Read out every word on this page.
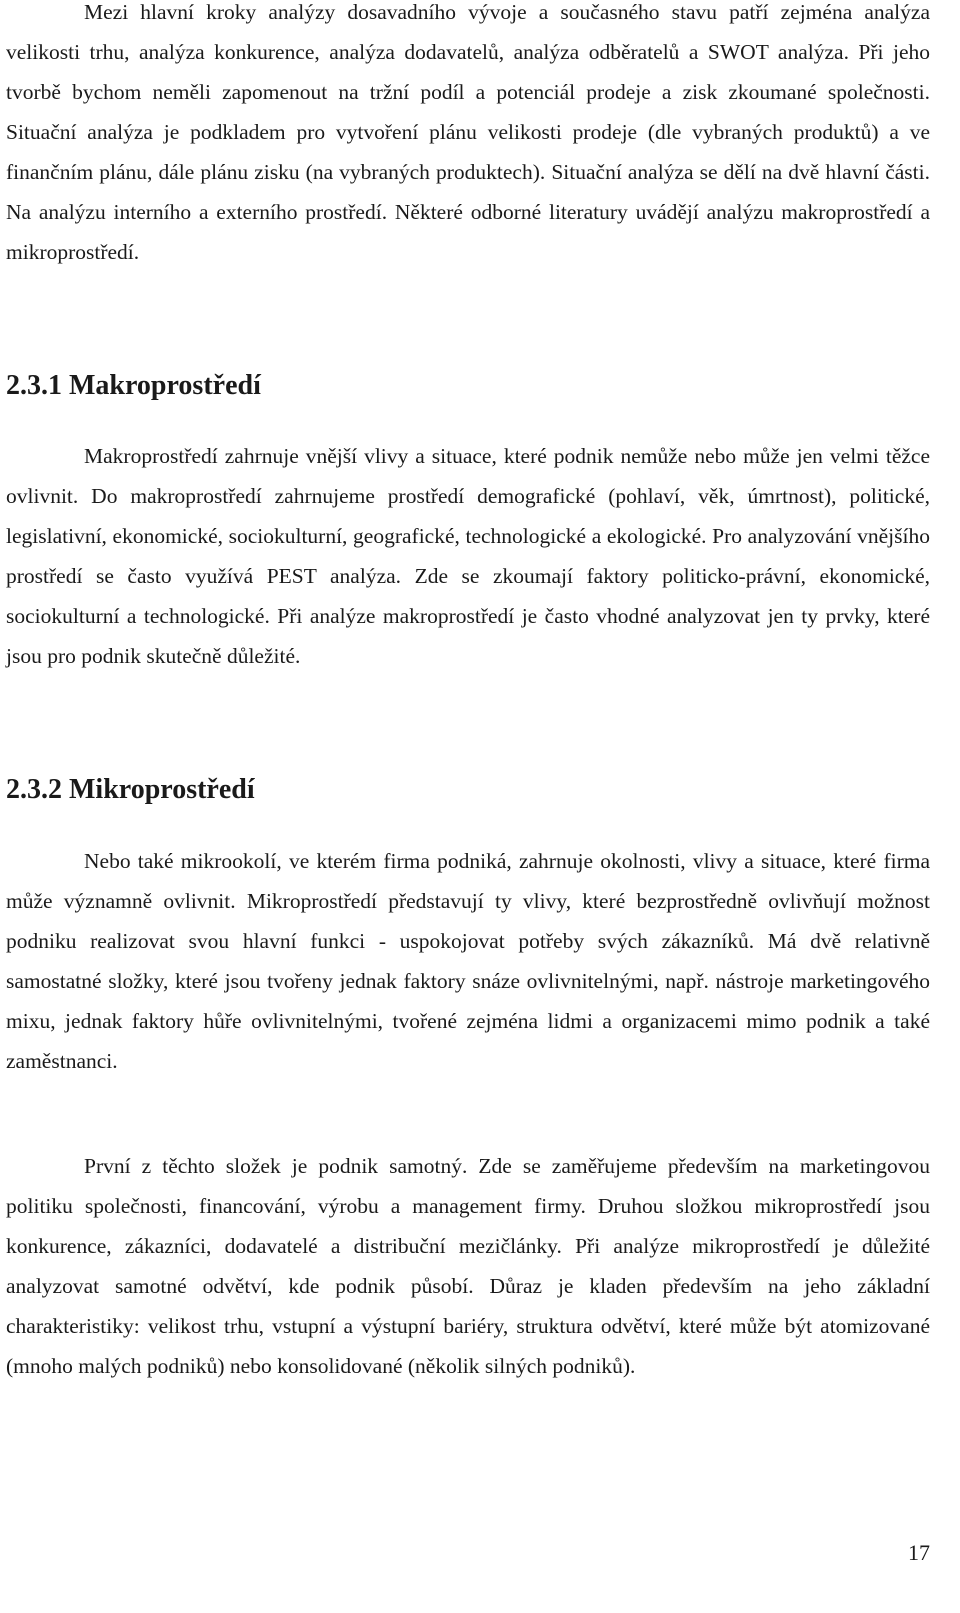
Mezi hlavní kroky analýzy dosavadního vývoje a současného stavu patří zejména analýza velikosti trhu, analýza konkurence, analýza dodavatelů, analýza odběratelů a SWOT analýza. Při jeho tvorbě bychom neměli zapomenout na tržní podíl a potenciál prodeje a zisk zkoumané společnosti. Situační analýza je podkladem pro vytvoření plánu velikosti prodeje (dle vybraných produktů) a ve finančním plánu, dále plánu zisku (na vybraných produktech). Situační analýza se dělí na dvě hlavní části. Na analýzu interního a externího prostředí. Některé odborné literatury uvádějí analýzu makroprostředí a mikroprostředí.

2.3.1 Makroprostředí

Makroprostředí zahrnuje vnější vlivy a situace, které podnik nemůže nebo může jen velmi těžce ovlivnit. Do makroprostředí zahrnujeme prostředí demografické (pohlaví, věk, úmrtnost), politické, legislativní, ekonomické, sociokulturní, geografické, technologické a ekologické. Pro analyzování vnějšího prostředí se často využívá PEST analýza. Zde se zkoumají faktory politicko-právní, ekonomické, sociokulturní a technologické. Při analýze makroprostředí je často vhodné analyzovat jen ty prvky, které jsou pro podnik skutečně důležité.

2.3.2 Mikroprostředí

Nebo také mikrookolí, ve kterém firma podniká, zahrnuje okolnosti, vlivy a situace, které firma může významně ovlivnit. Mikroprostředí představují ty vlivy, které bezprostředně ovlivňují možnost podniku realizovat svou hlavní funkci - uspokojovat potřeby svých zákazníků. Má dvě relativně samostatné složky, které jsou tvořeny jednak faktory snáze ovlivnitelnými, např. nástroje marketingového mixu, jednak faktory hůře ovlivnitelnými, tvořené zejména lidmi a organizacemi mimo podnik a také zaměstnanci.

První z těchto složek je podnik samotný. Zde se zaměřujeme především na marketingovou politiku společnosti, financování, výrobu a management firmy. Druhou složkou mikroprostředí jsou konkurence, zákazníci, dodavatelé a distribuční mezičlánky. Při analýze mikroprostředí je důležité analyzovat samotné odvětví, kde podnik působí. Důraz je kladen především na jeho základní charakteristiky: velikost trhu, vstupní a výstupní bariéry, struktura odvětví, které může být atomizované (mnoho malých podniků) nebo konsolidované (několik silných podniků).

17
